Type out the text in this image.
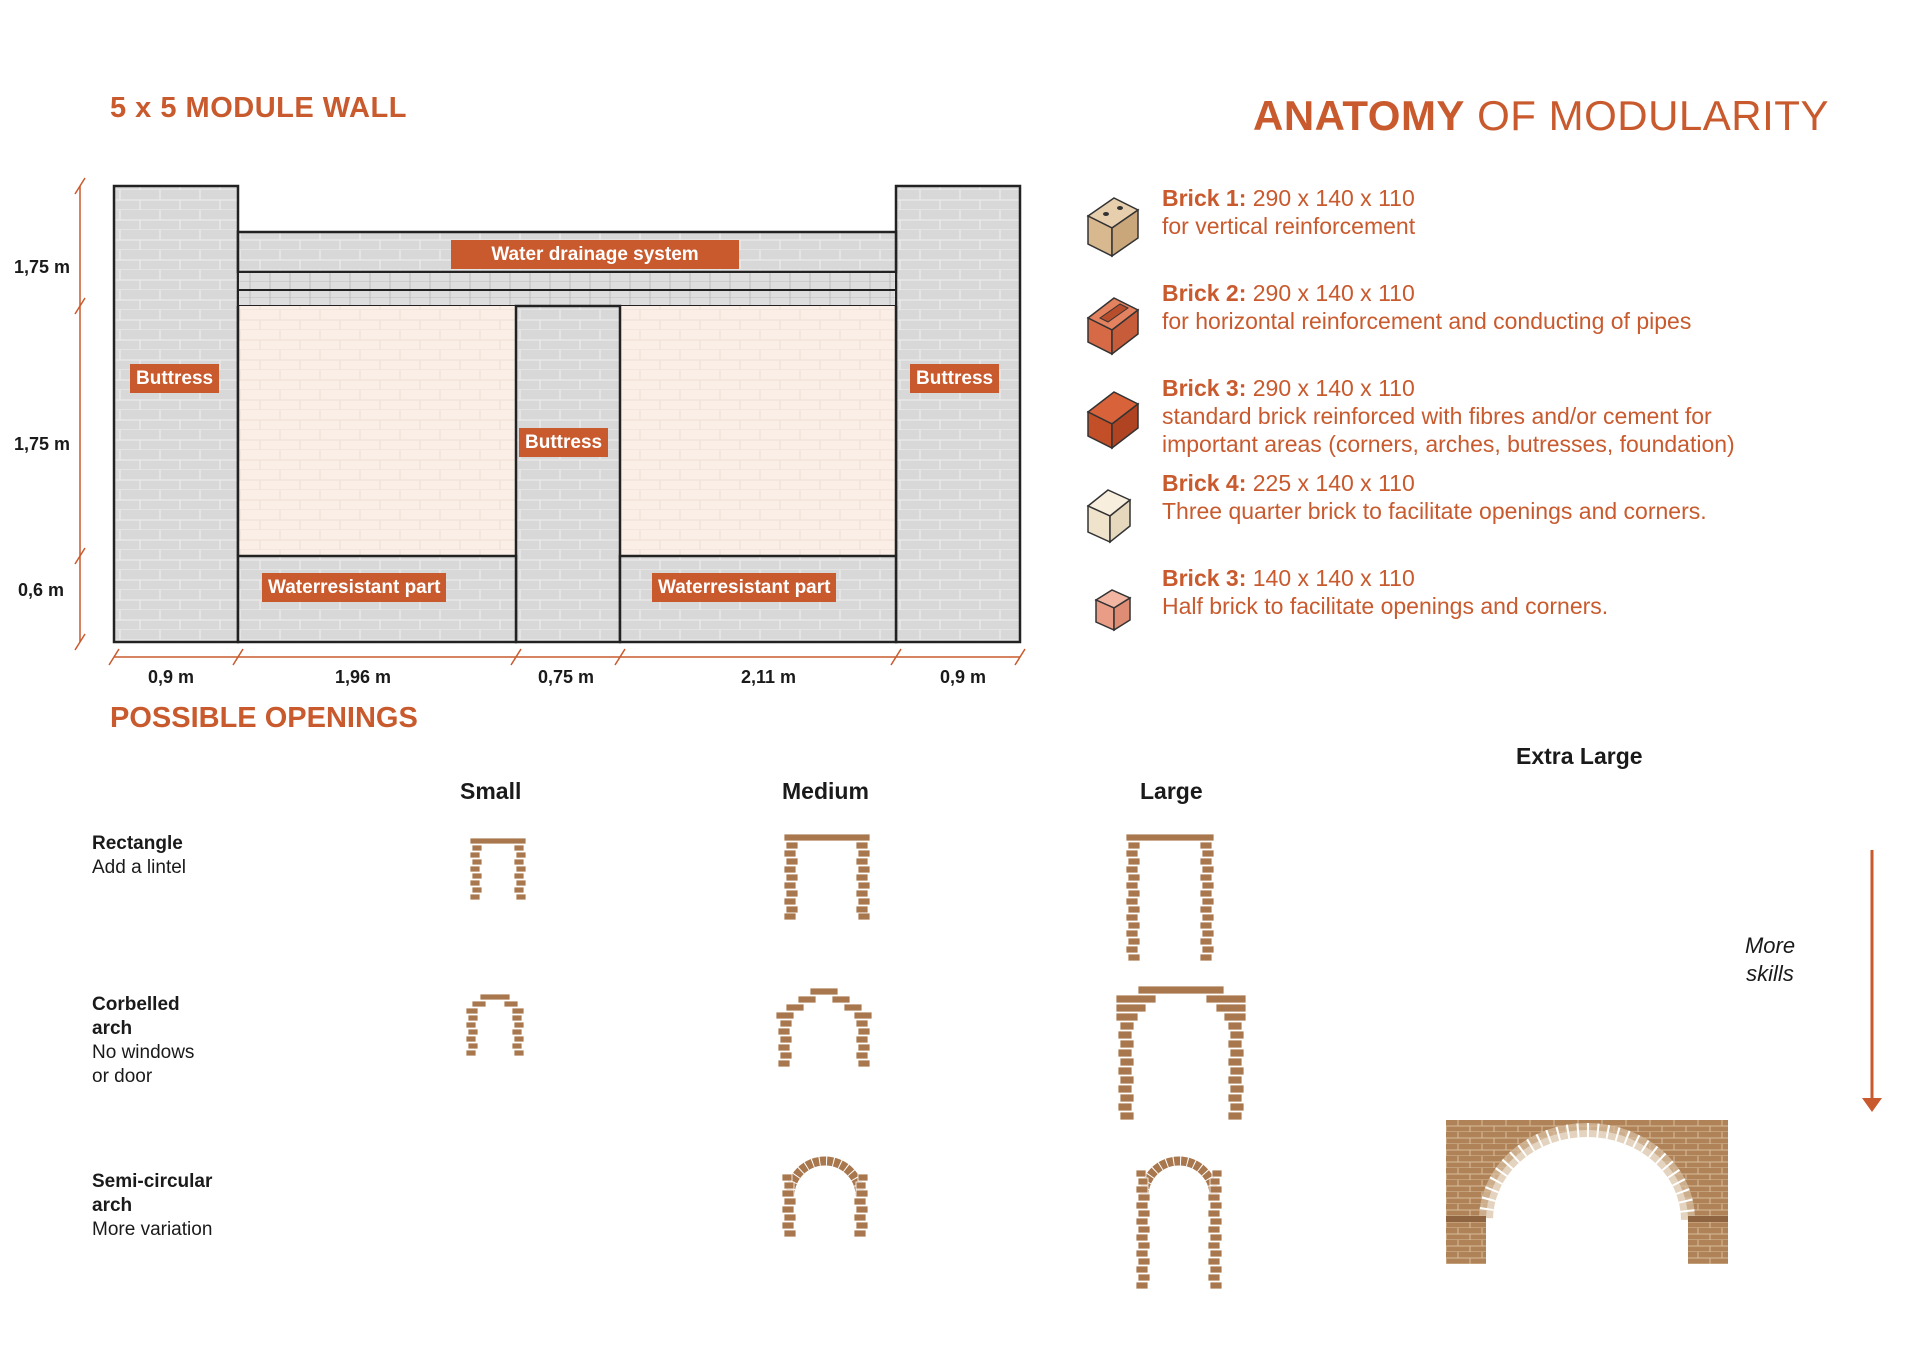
5 x 5 MODULE WALL	ANATOMY OF MODULARITY
POSSIBLE OPENINGS
Water drainage system
Buttress
Buttress
Buttress
Waterresistant part	Waterresistant part
1,75 m
1,75 m
0,6 m
0,9 m	1,96 m	0,75 m	2,11 m	0,9 m
Brick 1: 290 x 140 x 110
for vertical reinforcement
Brick 2: 290 x 140 x 110
for horizontal reinforcement and conducting of pipes
Brick 3: 290 x 140 x 110
standard brick reinforced with fibres and/or cement for
important areas (corners, arches, butresses, foundation)
Brick 4: 225 x 140 x 110
Three quarter brick to facilitate openings and corners.
Brick 3: 140 x 140 x 110
Half brick to facilitate openings and corners.
Small	Medium	Large
Extra Large
Rectangle
Add a lintel
Corbelled
arch
No windows
or door
Semi-circular
arch
More variation
More
skills
